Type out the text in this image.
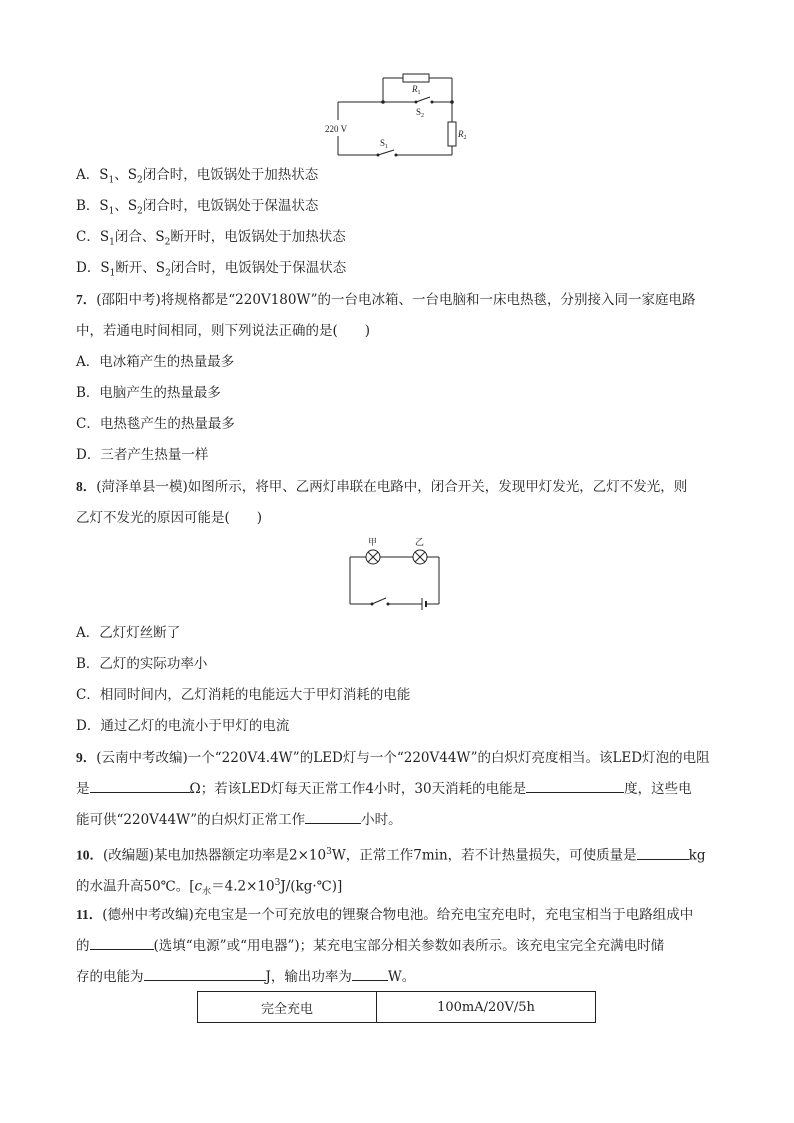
220 V
$R_1$
$S_2$
$R_2$
$S_1$
A．$S_1$、$S_2$闭合时，电饭锅处于加热状态
B．$S_1$、$S_2$闭合时，电饭锅处于保温状态
C．$S_1$闭合、$S_2$断开时，电饭锅处于加热状态
D．$S_1$断开、$S_2$闭合时，电饭锅处于保温状态
7．(邵阳中考)将规格都是“220V180W”的一台电冰箱、一台电脑和一床电热毯，分别接入同一家庭电路
中，若通电时间相同，则下列说法正确的是(　　)
A．电冰箱产生的热量最多
B．电脑产生的热量最多
C．电热毯产生的热量最多
D．三者产生热量一样
8．(菏泽单县一模)如图所示，将甲、乙两灯串联在电路中，闭合开关，发现甲灯发光，乙灯不发光，则
乙灯不发光的原因可能是(　　)
甲	乙
A．乙灯灯丝断了
B．乙灯的实际功率小
C．相同时间内，乙灯消耗的电能远大于甲灯消耗的电能
D．通过乙灯的电流小于甲灯的电流
9．(云南中考改编)一个“220V4.4W”的LED灯与一个“220V44W”的白炽灯亮度相当。该LED灯泡的电阻
是	Ω；若该LED灯每天正常工作4小时，30天消耗的电能是	度，这些电
能可供“220V44W”的白炽灯正常工作	小时。
10．(改编题)某电加热器额定功率是$2\times 10^3W$，正常工作7min，若不计热量损失，可使质量是	kg
的水温升高50℃。$[c_水=4.2\times 10^3J/(kg\cdot℃)]$
11．(德州中考改编)充电宝是一个可充放电的锂聚合物电池。给充电宝充电时，充电宝相当于电路组成中
的	(选填“电源”或“用电器”)；某充电宝部分相关参数如表所示。该充电宝完全充满电时储
存的电能为	J，输出功率为	W。
完全充电	100mA/20V/5h
